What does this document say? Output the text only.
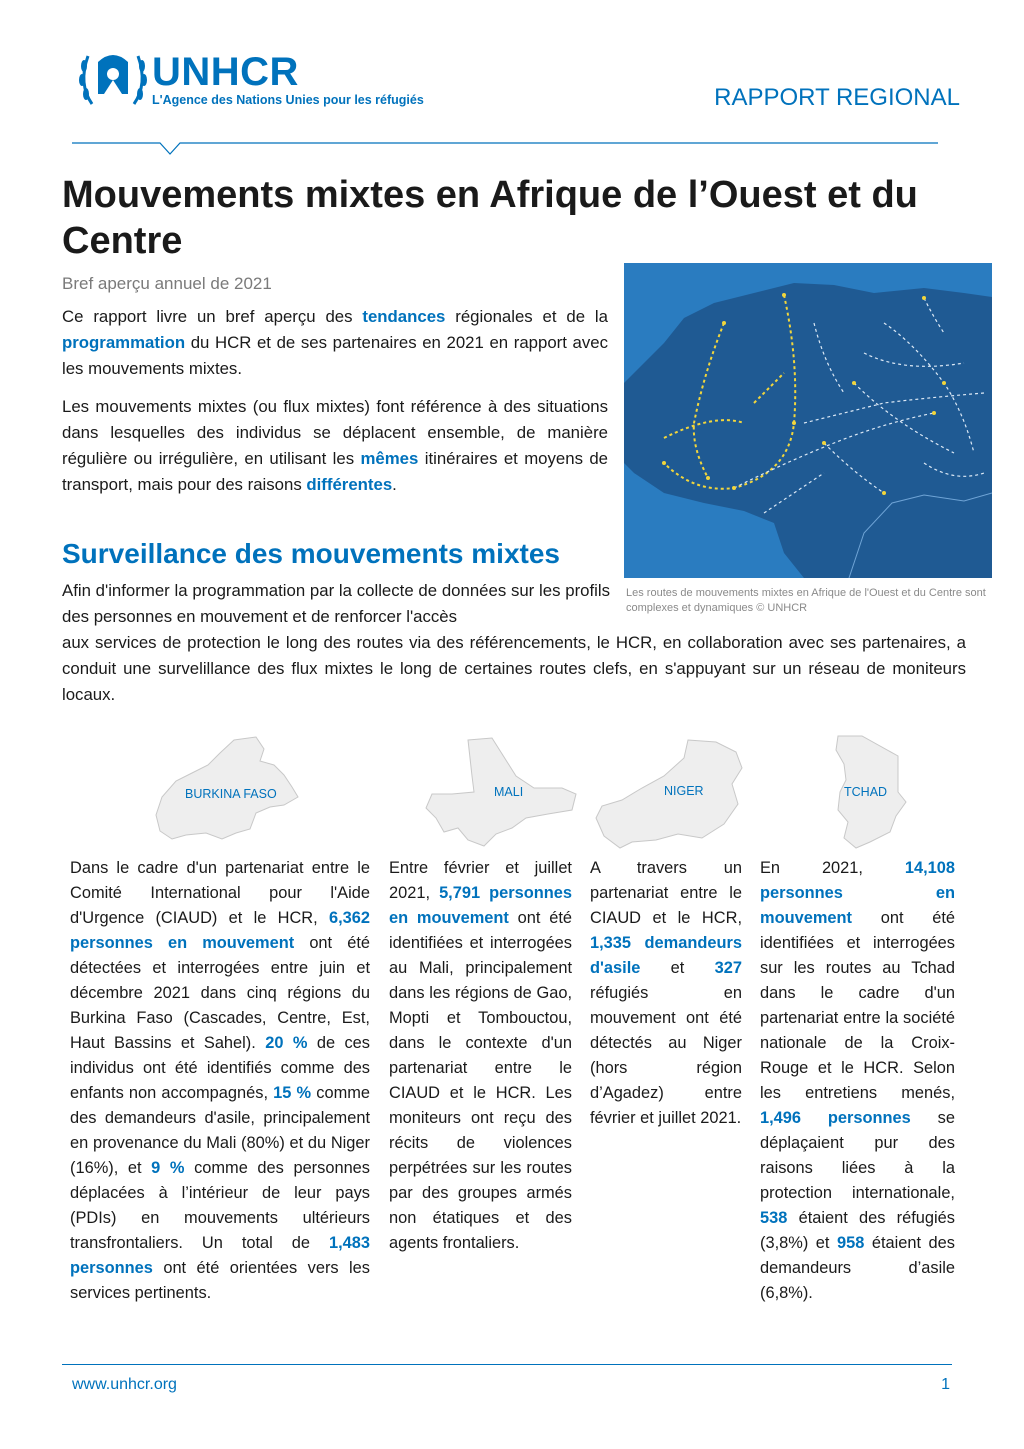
UNHCR
L'Agence des Nations Unies pour les réfugiés	RAPPORT REGIONAL
Mouvements mixtes en Afrique de l’Ouest et du Centre
Bref aperçu annuel de 2021

Ce rapport livre un bref aperçu des tendances régionales et de la programmation du HCR et de ses partenaires en 2021 en rapport avec les mouvements mixtes.

Les mouvements mixtes (ou flux mixtes) font référence à des situations dans lesquelles des individus se déplacent ensemble, de manière régulière ou irrégulière, en utilisant les mêmes itinéraires et moyens de transport, mais pour des raisons différentes.

Surveillance des mouvements mixtes
Les routes de mouvements mixtes en Afrique de l'Ouest et du Centre sont complexes et dynamiques © UNHCR

Afin d'informer la programmation par la collecte de données sur les profils des personnes en mouvement et de renforcer l'accès

aux services de protection le long des routes via des référencements, le HCR, en collaboration avec ses partenaires, a conduit une survelillance des flux mixtes le long de certaines routes clefs, en s'appuyant sur un réseau de moniteurs locaux.

BURKINA FASO	MALI	NIGER	TCHAD

Dans le cadre d'un partenariat entre le Comité International pour l'Aide d'Urgence (CIAUD) et le HCR, 6,362 personnes en mouvement ont été détectées et interrogées entre juin et décembre 2021 dans cinq régions du Burkina Faso (Cascades, Centre, Est, Haut Bassins et Sahel). 20 % de ces individus ont été identifiés comme des enfants non accompagnés, 15 % comme des demandeurs d'asile, principalement en provenance du Mali (80%) et du Niger (16%), et 9 % comme des personnes déplacées à l’intérieur de leur pays (PDIs) en mouvements ultérieurs transfrontaliers. Un total de 1,483 personnes ont été orientées vers les services pertinents.

Entre février et juillet 2021, 5,791 personnes en mouvement ont été identifiées et interrogées au Mali, principalement dans les régions de Gao, Mopti et Tombouctou, dans le contexte d'un partenariat entre le CIAUD et le HCR. Les moniteurs ont reçu des récits de violences perpétrées sur les routes par des groupes armés non étatiques et des agents frontaliers.

A travers un partenariat entre le CIAUD et le HCR, 1,335 demandeurs d'asile et 327 réfugiés en mouvement ont été détectés au Niger (hors région d’Agadez) entre février et juillet 2021.

En 2021, 14,108 personnes en mouvement ont été identifiées et interrogées sur les routes au Tchad dans le cadre d'un partenariat entre la société nationale de la Croix-Rouge et le HCR. Selon les entretiens menés, 1,496 personnes se déplaçaient pur des raisons liées à la protection internationale, 538 étaient des réfugiés (3,8%) et 958 étaient des demandeurs d’asile (6,8%).

www.unhcr.org	1
